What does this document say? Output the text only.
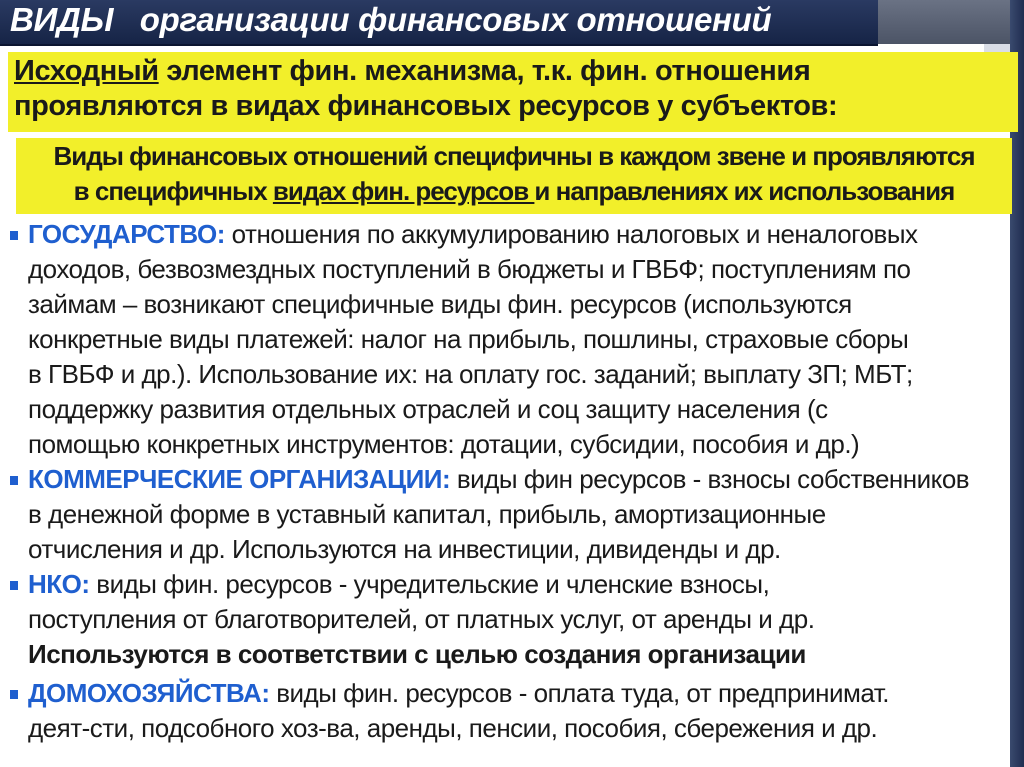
ВИДЫ   организации финансовых отношений
Исходный элемент фин. механизма, т.к. фин. отношения
проявляются в видах финансовых ресурсов у субъектов:
Виды финансовых отношений специфичны в каждом звене и проявляются
в специфичных видах фин. ресурсов и направлениях их использования
ГОСУДАРСТВО: отношения по аккумулированию налоговых и неналоговых
доходов, безвозмездных поступлений в бюджеты и ГВБФ; поступлениям по
займам – возникают специфичные виды фин. ресурсов (используются
конкретные виды платежей: налог на прибыль, пошлины, страховые сборы
в ГВБФ и др.). Использование их: на оплату гос. заданий; выплату ЗП; МБТ;
поддержку развития отдельных отраслей и соц защиту населения (с
помощью конкретных инструментов: дотации, субсидии, пособия и др.)
КОММЕРЧЕСКИЕ ОРГАНИЗАЦИИ: виды фин ресурсов - взносы собственников
в денежной форме в уставный капитал, прибыль, амортизационные
отчисления и др. Используются на инвестиции, дивиденды и др.
НКО: виды фин. ресурсов - учредительские и членские взносы,
поступления от благотворителей, от платных услуг, от аренды и др.
Используются в соответствии с целью создания организации
ДОМОХОЗЯЙСТВА: виды фин. ресурсов - оплата туда, от предпринимат.
деят-сти, подсобного хоз-ва, аренды, пенсии, пособия, сбережения и др.
